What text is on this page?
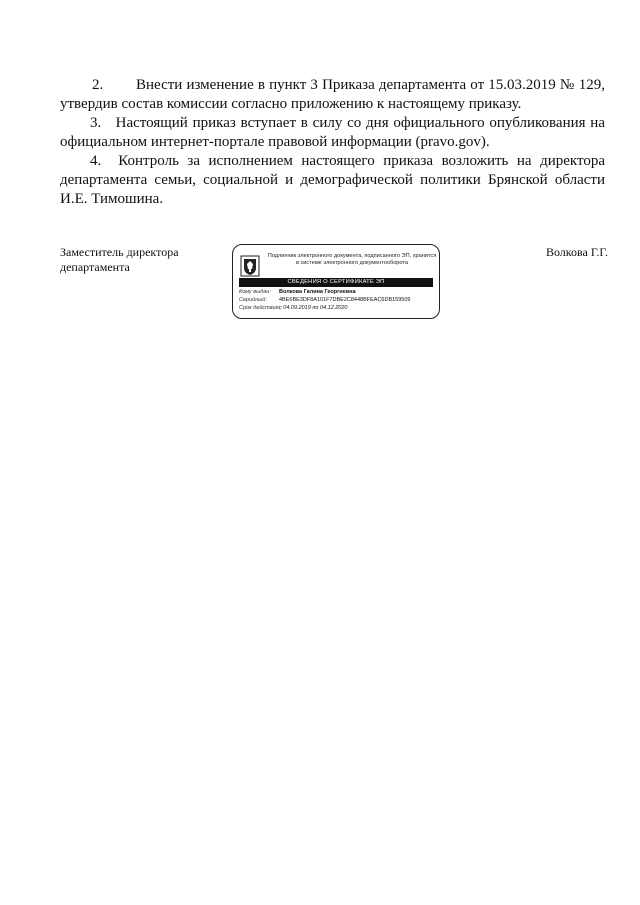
2. Внести изменение в пункт 3 Приказа департамента от 15.03.2019 № 129, утвердив состав комиссии согласно приложению к настоящему приказу.
3. Настоящий приказ вступает в силу со дня официального опубликования на официальном интернет-портале правовой информации (pravo.gov).
4. Контроль за исполнением настоящего приказа возложить на директора департамента семьи, социальной и демографической политики Брянской области И.Е. Тимошина.
Заместитель директора
департамента
Подлинник электронного документа, подписанного ЭП, хранится в системе электронного документооборота
СВЕДЕНИЯ О СЕРТИФИКАТЕ ЭП
Кому выдан: Волкова Галина Георгиевна
Серийный: 4BE6BE3DF8A101F7DBE2C8448BFEAC6DB159509
Срок действия:с 04.09.2019 по 04.12.2020
Волкова Г.Г.
